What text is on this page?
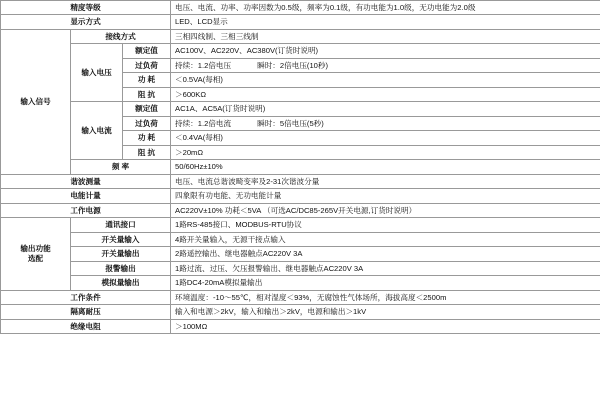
精度等级			电压、电流、功率、功率因数为0.5级，频率为0.1级，有功电能为1.0级，无功电能为2.0级
显示方式			LED、LCD显示
输入信号	接线方式		三相四线制、三相三线制
	输入电压	额定值	AC100V、AC220V、AC380V(订货时说明)
		过负荷	持续：1.2倍电压 瞬时：2倍电压(10秒)

		功 耗	＜0.5VA(每相)
		阻 抗	＞600KΩ
	输入电流	额定值	AC1A、AC5A(订货时说明)
		过负荷	持续：1.2倍电流 瞬时：5倍电压(5秒)

		功 耗	＜0.4VA(每相)
		阻 抗	＞20mΩ
	频 率		50/60Hz±10%
谐波测量			电压、电流总谐波畸变率及2-31次谐波分量
电能计量			四象限有功电能、无功电能计量
工作电源			AC220V±10% 功耗＜5VA （可选AC/DC85-265V开关电源,订货时说明）

输出功能
选配	通讯接口		1路RS-485接口、MODBUS-RTU协议
	开关量输入		4路开关量输入，无源干接点输入
	开关量输出		2路遥控输出、继电器触点AC220V 3A
	报警输出		1路过流、过压、欠压报警输出、继电器触点AC220V 3A
	模拟量输出		1路DC4-20mA模拟量输出
工作条件			环境温度：-10～55℃，相对湿度＜93%，无腐蚀性气体场所，海拔高度＜2500m
隔离耐压			输入和电源＞2kV，输入和输出＞2kV，电源和输出＞1kV
绝缘电阻			＞100MΩ
